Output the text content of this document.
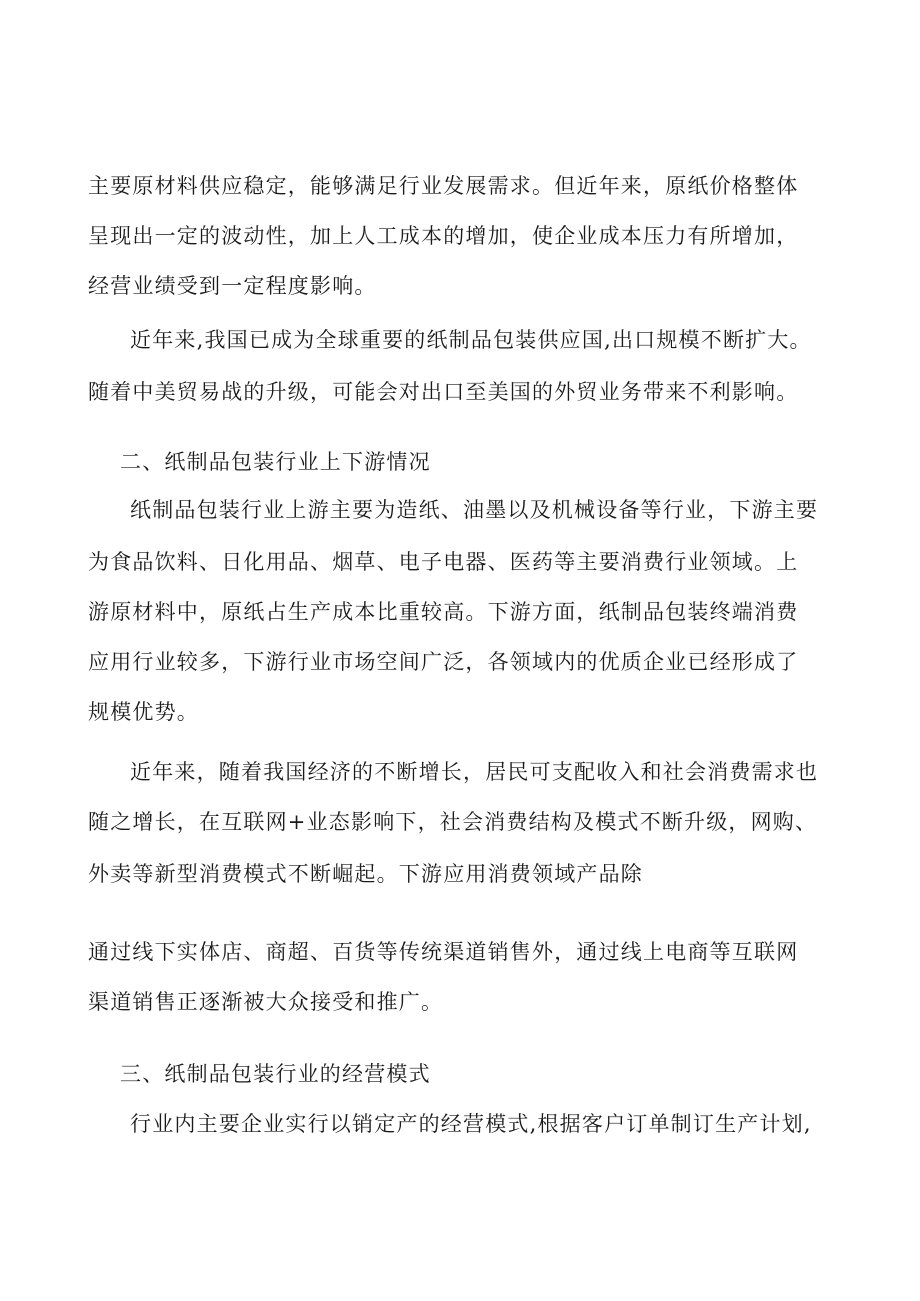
主要原材料供应稳定，能够满足行业发展需求。但近年来，原纸价格整体

呈现出一定的波动性，加上人工成本的增加，使企业成本压力有所增加，

经营业绩受到一定程度影响。

近年来,我国已成为全球重要的纸制品包装供应国,出口规模不断扩大。

随着中美贸易战的升级，可能会对出口至美国的外贸业务带来不利影响。

二、纸制品包装行业上下游情况

纸制品包装行业上游主要为造纸、油墨以及机械设备等行业，下游主要

为食品饮料、日化用品、烟草、电子电器、医药等主要消费行业领域。上

游原材料中，原纸占生产成本比重较高。下游方面，纸制品包装终端消费

应用行业较多，下游行业市场空间广泛，各领域内的优质企业已经形成了

规模优势。

近年来，随着我国经济的不断增长，居民可支配收入和社会消费需求也

随之增长，在互联网+业态影响下，社会消费结构及模式不断升级，网购、

外卖等新型消费模式不断崛起。下游应用消费领域产品除

通过线下实体店、商超、百货等传统渠道销售外，通过线上电商等互联网

渠道销售正逐渐被大众接受和推广。

三、纸制品包装行业的经营模式

行业内主要企业实行以销定产的经营模式,根据客户订单制订生产计划,
